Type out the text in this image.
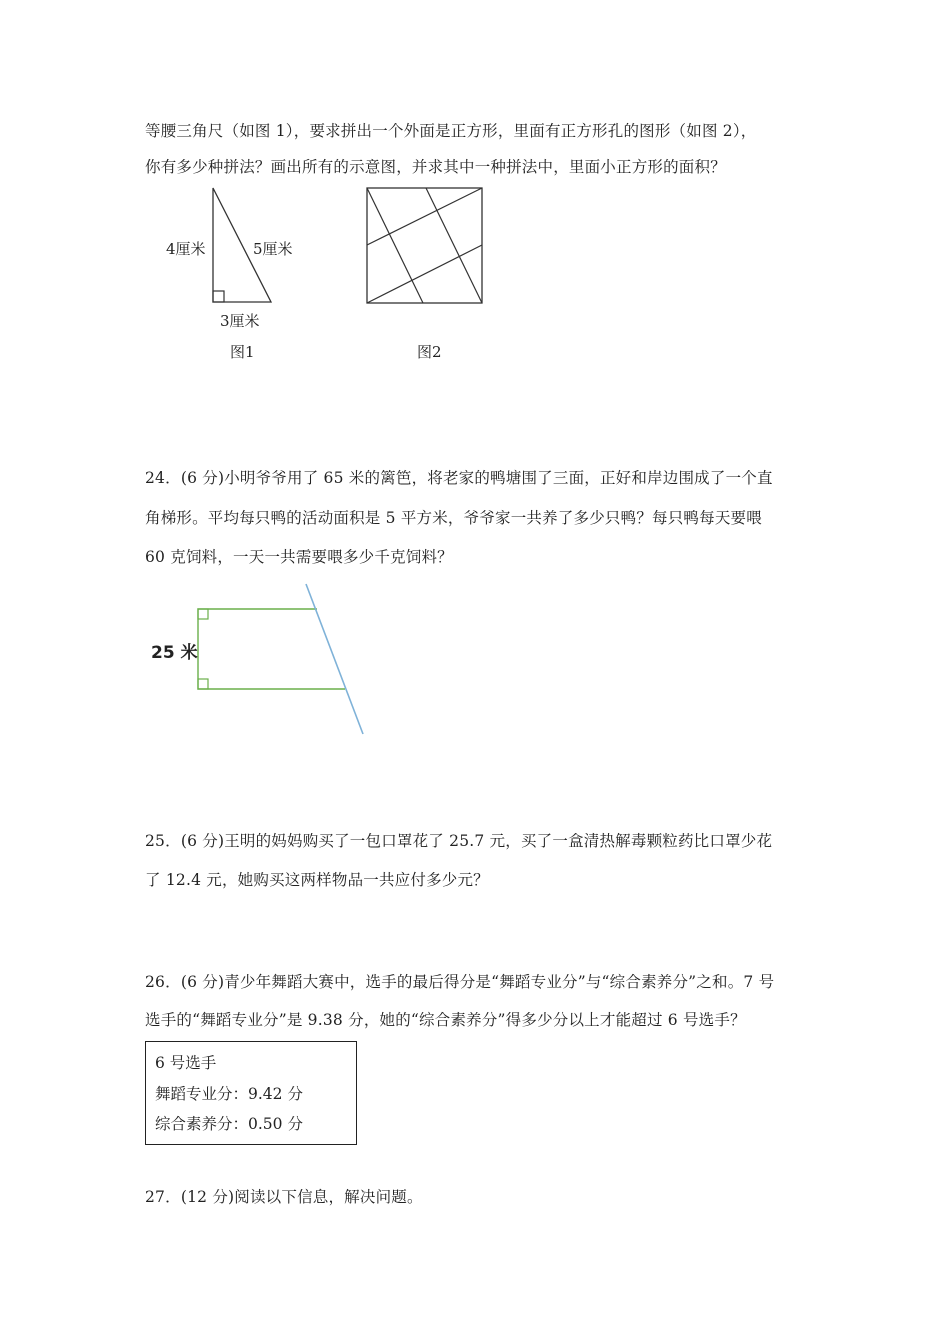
等腰三角尺（如图 1），要求拼出一个外面是正方形，里面有正方形孔的图形（如图 2），
你有多少种拼法？画出所有的示意图，并求其中一种拼法中，里面小正方形的面积？
4厘米	5厘米
3厘米
图1	图2
24．(6 分)小明爷爷用了 65 米的篱笆，将老家的鸭塘围了三面，正好和岸边围成了一个直
角梯形。平均每只鸭的活动面积是 5 平方米，爷爷家一共养了多少只鸭？每只鸭每天要喂
60 克饲料，一天一共需要喂多少千克饲料？
25 米
25．(6 分)王明的妈妈购买了一包口罩花了 25.7 元，买了一盒清热解毒颗粒药比口罩少花
了 12.4 元，她购买这两样物品一共应付多少元？
26．(6 分)青少年舞蹈大赛中，选手的最后得分是“舞蹈专业分”与“综合素养分”之和。7 号
选手的“舞蹈专业分”是 9.38 分，她的“综合素养分”得多少分以上才能超过 6 号选手？
6 号选手
舞蹈专业分：9.42 分
综合素养分：0.50 分
27．(12 分)阅读以下信息，解决问题。
